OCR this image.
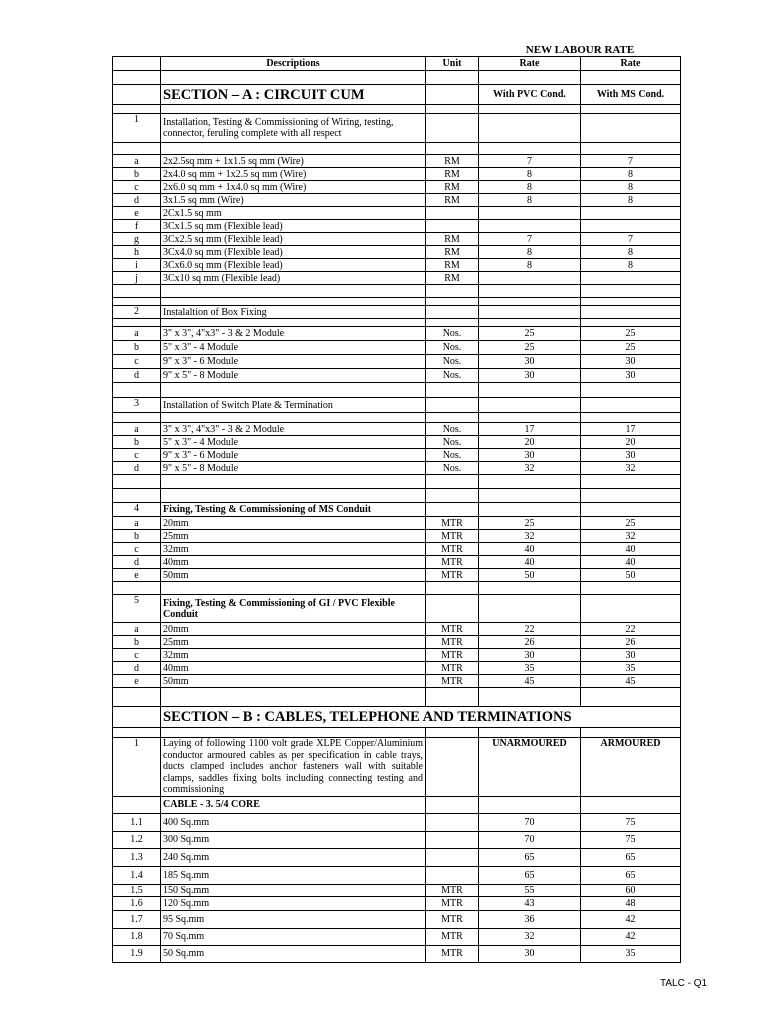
NEW LABOUR RATE
	Descriptions	Unit	Rate	Rate

	SECTION – A : CIRCUIT CUM		With PVC Cond.	With MS Cond.

1	Installation, Testing & Commissioning of Wiring, testing, connector, feruling complete with all respect			

a	2x2.5sq mm + 1x1.5 sq mm (Wire)	RM	7	7
b	2x4.0 sq mm + 1x2.5 sq mm (Wire)	RM	8	8
c	2x6.0 sq mm + 1x4.0 sq mm (Wire)	RM	8	8
d	3x1.5 sq mm (Wire)	RM	8	8
e	2Cx1.5 sq mm			
f	3Cx1.5 sq mm (Flexible lead)			
g	3Cx2.5 sq mm (Flexible lead)	RM	7	7
h	3Cx4.0 sq mm (Flexible lead)	RM	8	8
i	3Cx6.0 sq mm (Flexible lead)	RM	8	8
j	3Cx10 sq mm (Flexible lead)	RM		

2	Instalaltion of Box Fixing			

a	3" x 3", 4"x3" - 3 & 2 Module	Nos.	25	25
b	5" x 3" - 4 Module	Nos.	25	25
c	9" x 3" - 6 Module	Nos.	30	30
d	9" x 5" - 8 Module	Nos.	30	30

3	Installation of Switch Plate & Termination			

a	3" x 3", 4"x3" - 3 & 2 Module	Nos.	17	17
b	5" x 3" - 4 Module	Nos.	20	20
c	9" x 3" - 6 Module	Nos.	30	30
d	9" x 5" - 8 Module	Nos.	32	32

4	Fixing, Testing & Commissioning of MS Conduit			
a	20mm	MTR	25	25
b	25mm	MTR	32	32
c	32mm	MTR	40	40
d	40mm	MTR	40	40
e	50mm	MTR	50	50

5	Fixing, Testing & Commissioning of GI / PVC Flexible Conduit			
a	20mm	MTR	22	22
b	25mm	MTR	26	26
c	32mm	MTR	30	30
d	40mm	MTR	35	35
e	50mm	MTR	45	45

	SECTION – B : CABLES, TELEPHONE AND TERMINATIONS			

1	Laying of following 1100 volt grade XLPE Copper/Aluminium conductor armoured cables as per specification in cable trays, ducts clamped includes anchor fasteners wall with suitable clamps, saddles fixing bolts including connecting testing and commissioning		UNARMOURED	ARMOURED
	CABLE - 3. 5/4 CORE			
1.1	400 Sq.mm		70	75
1.2	300 Sq.mm		70	75
1.3	240 Sq.mm		65	65
1.4	185 Sq.mm		65	65
1.5	150 Sq.mm	MTR	55	60
1.6	120 Sq.mm	MTR	43	48
1.7	95 Sq.mm	MTR	36	42
1.8	70 Sq.mm	MTR	32	42
1.9	50 Sq.mm	MTR	30	35
TALC - Q1
